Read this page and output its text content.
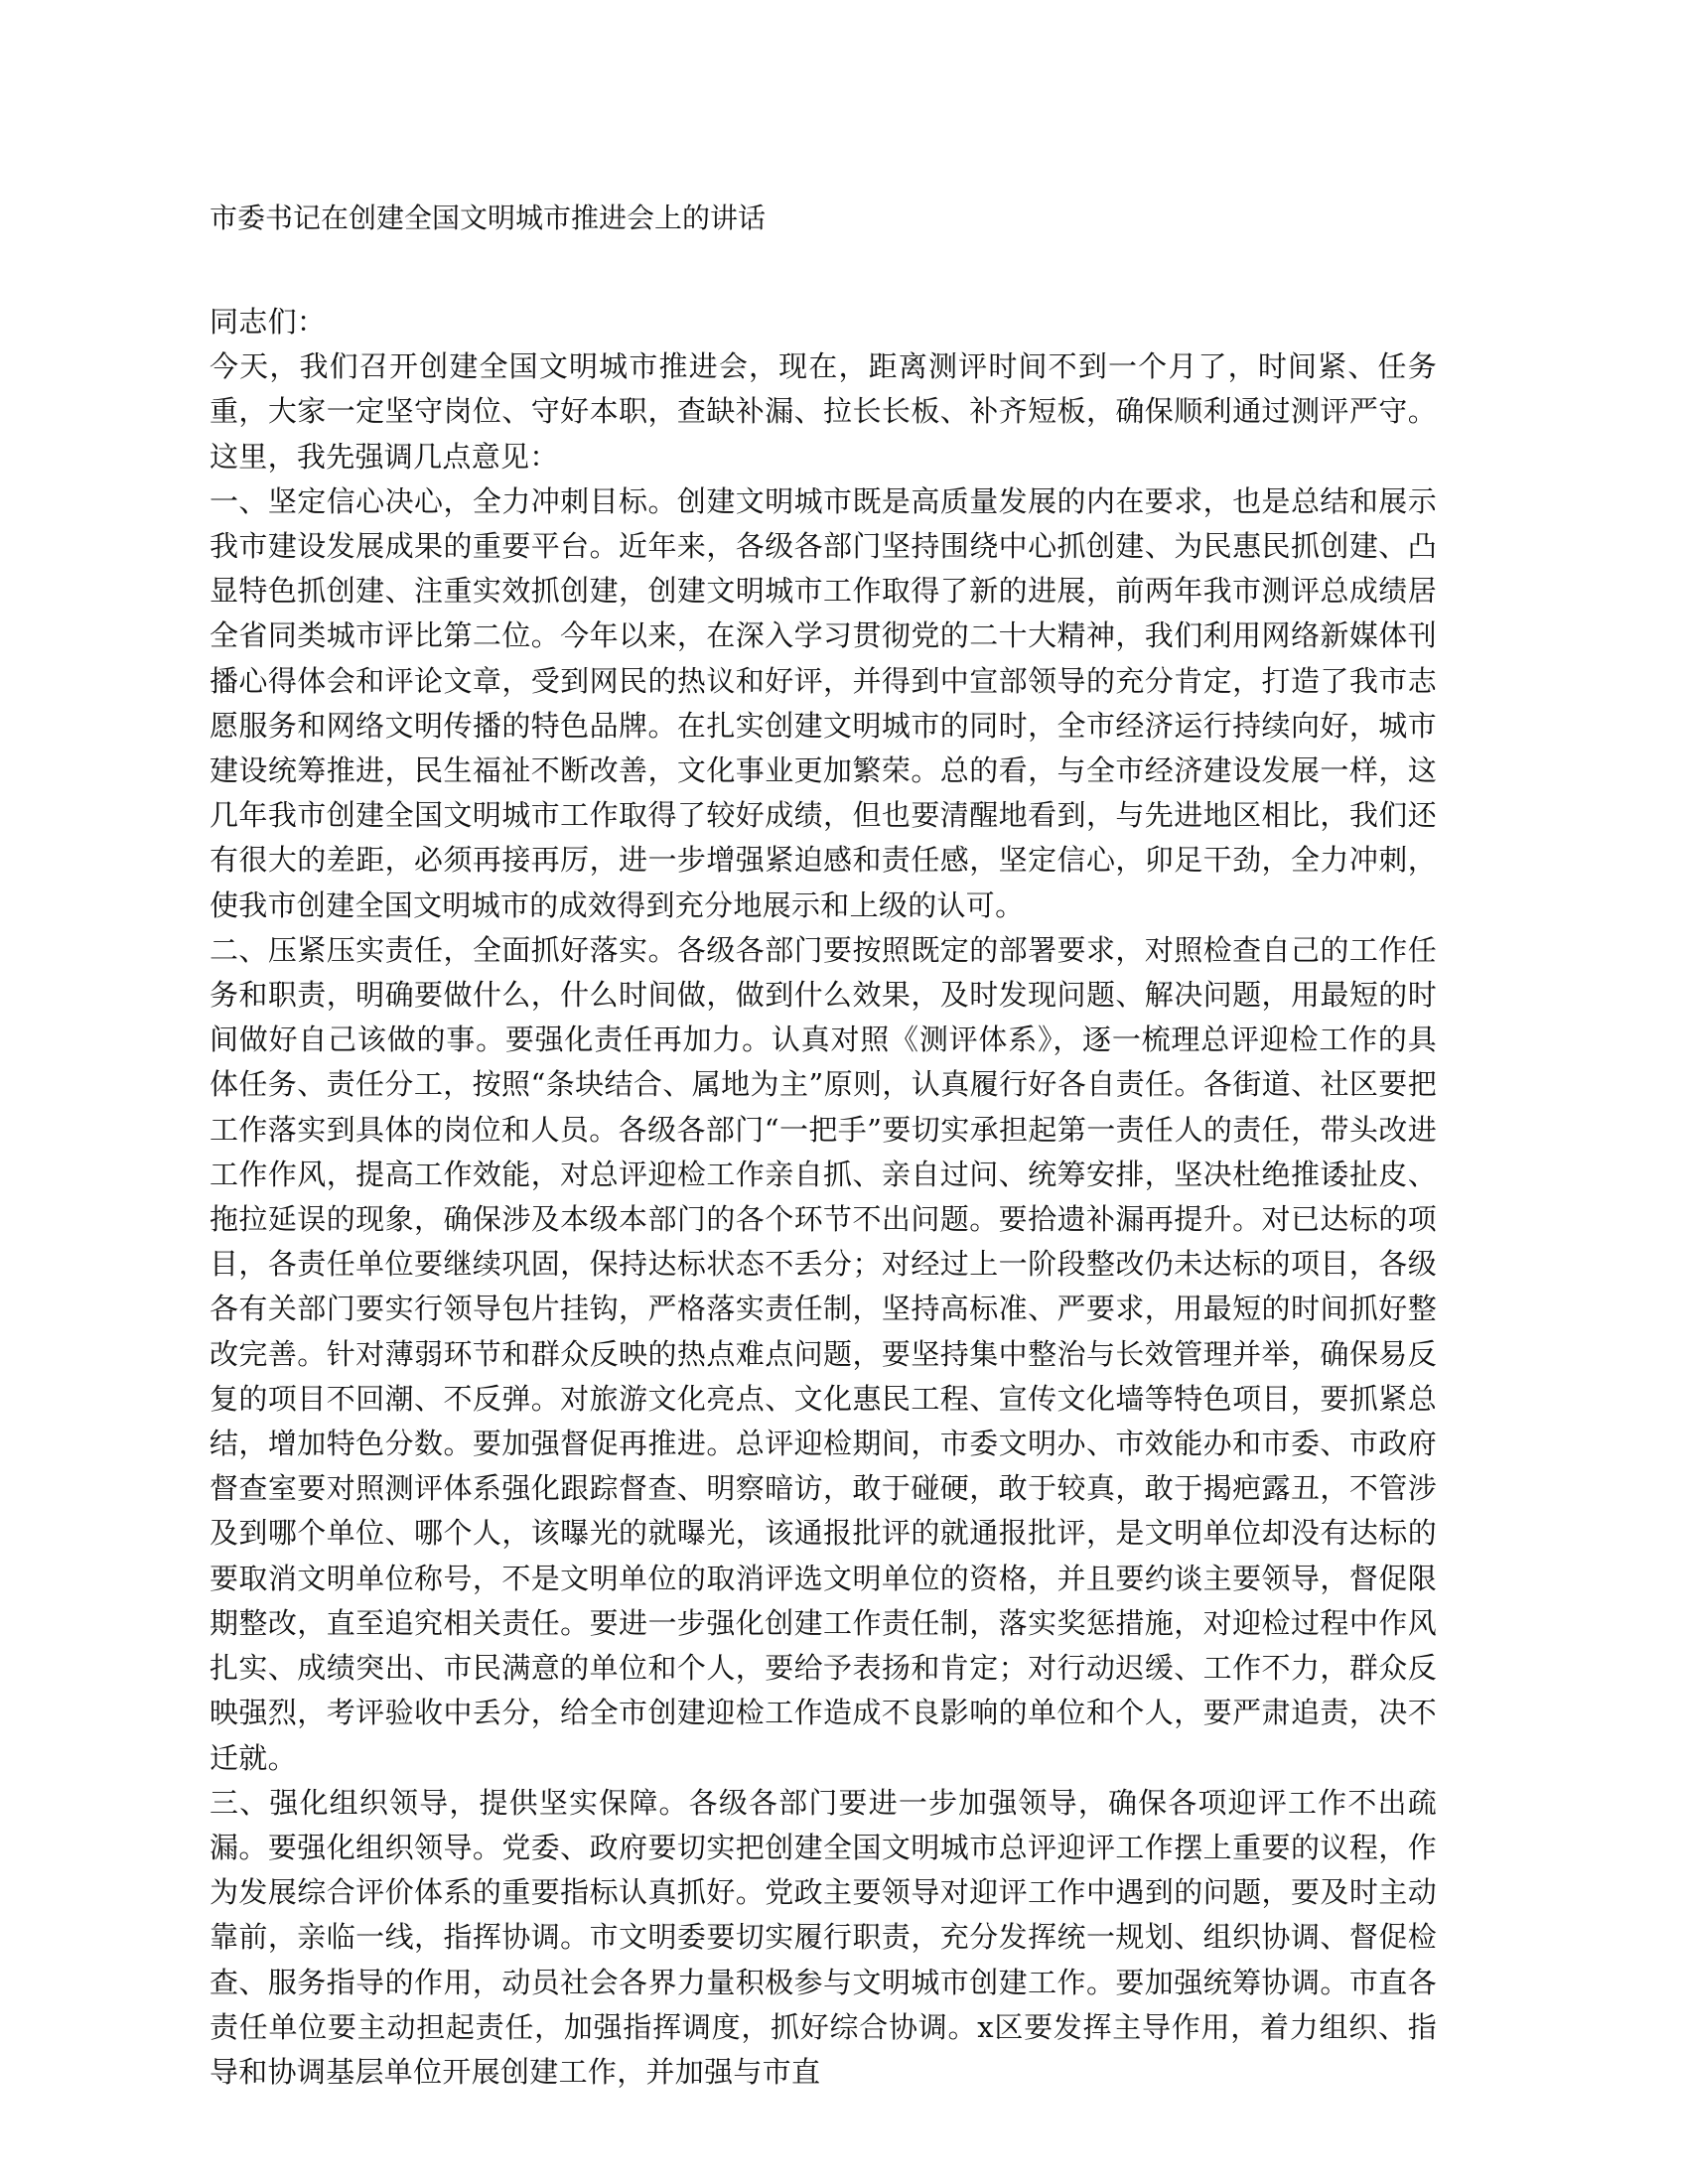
市委书记在创建全国文明城市推进会上的讲话

同志们：

今天，我们召开创建全国文明城市推进会，现在，距离测评时间不到一个月了，时间紧、任务重，大家一定坚守岗位、守好本职，查缺补漏、拉长长板、补齐短板，确保顺利通过测评严守。这里，我先强调几点意见：

一、坚定信心决心，全力冲刺目标。创建文明城市既是高质量发展的内在要求，也是总结和展示我市建设发展成果的重要平台。近年来，各级各部门坚持围绕中心抓创建、为民惠民抓创建、凸显特色抓创建、注重实效抓创建，创建文明城市工作取得了新的进展，前两年我市测评总成绩居全省同类城市评比第二位。今年以来，在深入学习贯彻党的二十大精神，我们利用网络新媒体刊播心得体会和评论文章，受到网民的热议和好评，并得到中宣部领导的充分肯定，打造了我市志愿服务和网络文明传播的特色品牌。在扎实创建文明城市的同时，全市经济运行持续向好，城市建设统筹推进，民生福祉不断改善，文化事业更加繁荣。总的看，与全市经济建设发展一样，这几年我市创建全国文明城市工作取得了较好成绩，但也要清醒地看到，与先进地区相比，我们还有很大的差距，必须再接再厉，进一步增强紧迫感和责任感，坚定信心，卯足干劲，全力冲刺，使我市创建全国文明城市的成效得到充分地展示和上级的认可。

二、压紧压实责任，全面抓好落实。各级各部门要按照既定的部署要求，对照检查自己的工作任务和职责，明确要做什么，什么时间做，做到什么效果，及时发现问题、解决问题，用最短的时间做好自己该做的事。要强化责任再加力。认真对照《测评体系》，逐一梳理总评迎检工作的具体任务、责任分工，按照“条块结合、属地为主”原则，认真履行好各自责任。各街道、社区要把工作落实到具体的岗位和人员。各级各部门“一把手”要切实承担起第一责任人的责任，带头改进工作作风，提高工作效能，对总评迎检工作亲自抓、亲自过问、统筹安排，坚决杜绝推诿扯皮、拖拉延误的现象，确保涉及本级本部门的各个环节不出问题。要拾遗补漏再提升。对已达标的项目，各责任单位要继续巩固，保持达标状态不丢分；对经过上一阶段整改仍未达标的项目，各级各有关部门要实行领导包片挂钩，严格落实责任制，坚持高标准、严要求，用最短的时间抓好整改完善。针对薄弱环节和群众反映的热点难点问题，要坚持集中整治与长效管理并举，确保易反复的项目不回潮、不反弹。对旅游文化亮点、文化惠民工程、宣传文化墙等特色项目，要抓紧总结，增加特色分数。要加强督促再推进。总评迎检期间，市委文明办、市效能办和市委、市政府督查室要对照测评体系强化跟踪督查、明察暗访，敢于碰硬，敢于较真，敢于揭疤露丑，不管涉及到哪个单位、哪个人，该曝光的就曝光，该通报批评的就通报批评，是文明单位却没有达标的要取消文明单位称号，不是文明单位的取消评选文明单位的资格，并且要约谈主要领导，督促限期整改，直至追究相关责任。要进一步强化创建工作责任制，落实奖惩措施，对迎检过程中作风扎实、成绩突出、市民满意的单位和个人，要给予表扬和肯定；对行动迟缓、工作不力，群众反映强烈，考评验收中丢分，给全市创建迎检工作造成不良影响的单位和个人，要严肃追责，决不迁就。

三、强化组织领导，提供坚实保障。各级各部门要进一步加强领导，确保各项迎评工作不出疏漏。要强化组织领导。党委、政府要切实把创建全国文明城市总评迎评工作摆上重要的议程，作为发展综合评价体系的重要指标认真抓好。党政主要领导对迎评工作中遇到的问题，要及时主动靠前，亲临一线，指挥协调。市文明委要切实履行职责，充分发挥统一规划、组织协调、督促检查、服务指导的作用，动员社会各界力量积极参与文明城市创建工作。要加强统筹协调。市直各责任单位要主动担起责任，加强指挥调度，抓好综合协调。x区要发挥主导作用，着力组织、指导和协调基层单位开展创建工作，并加强与市直
